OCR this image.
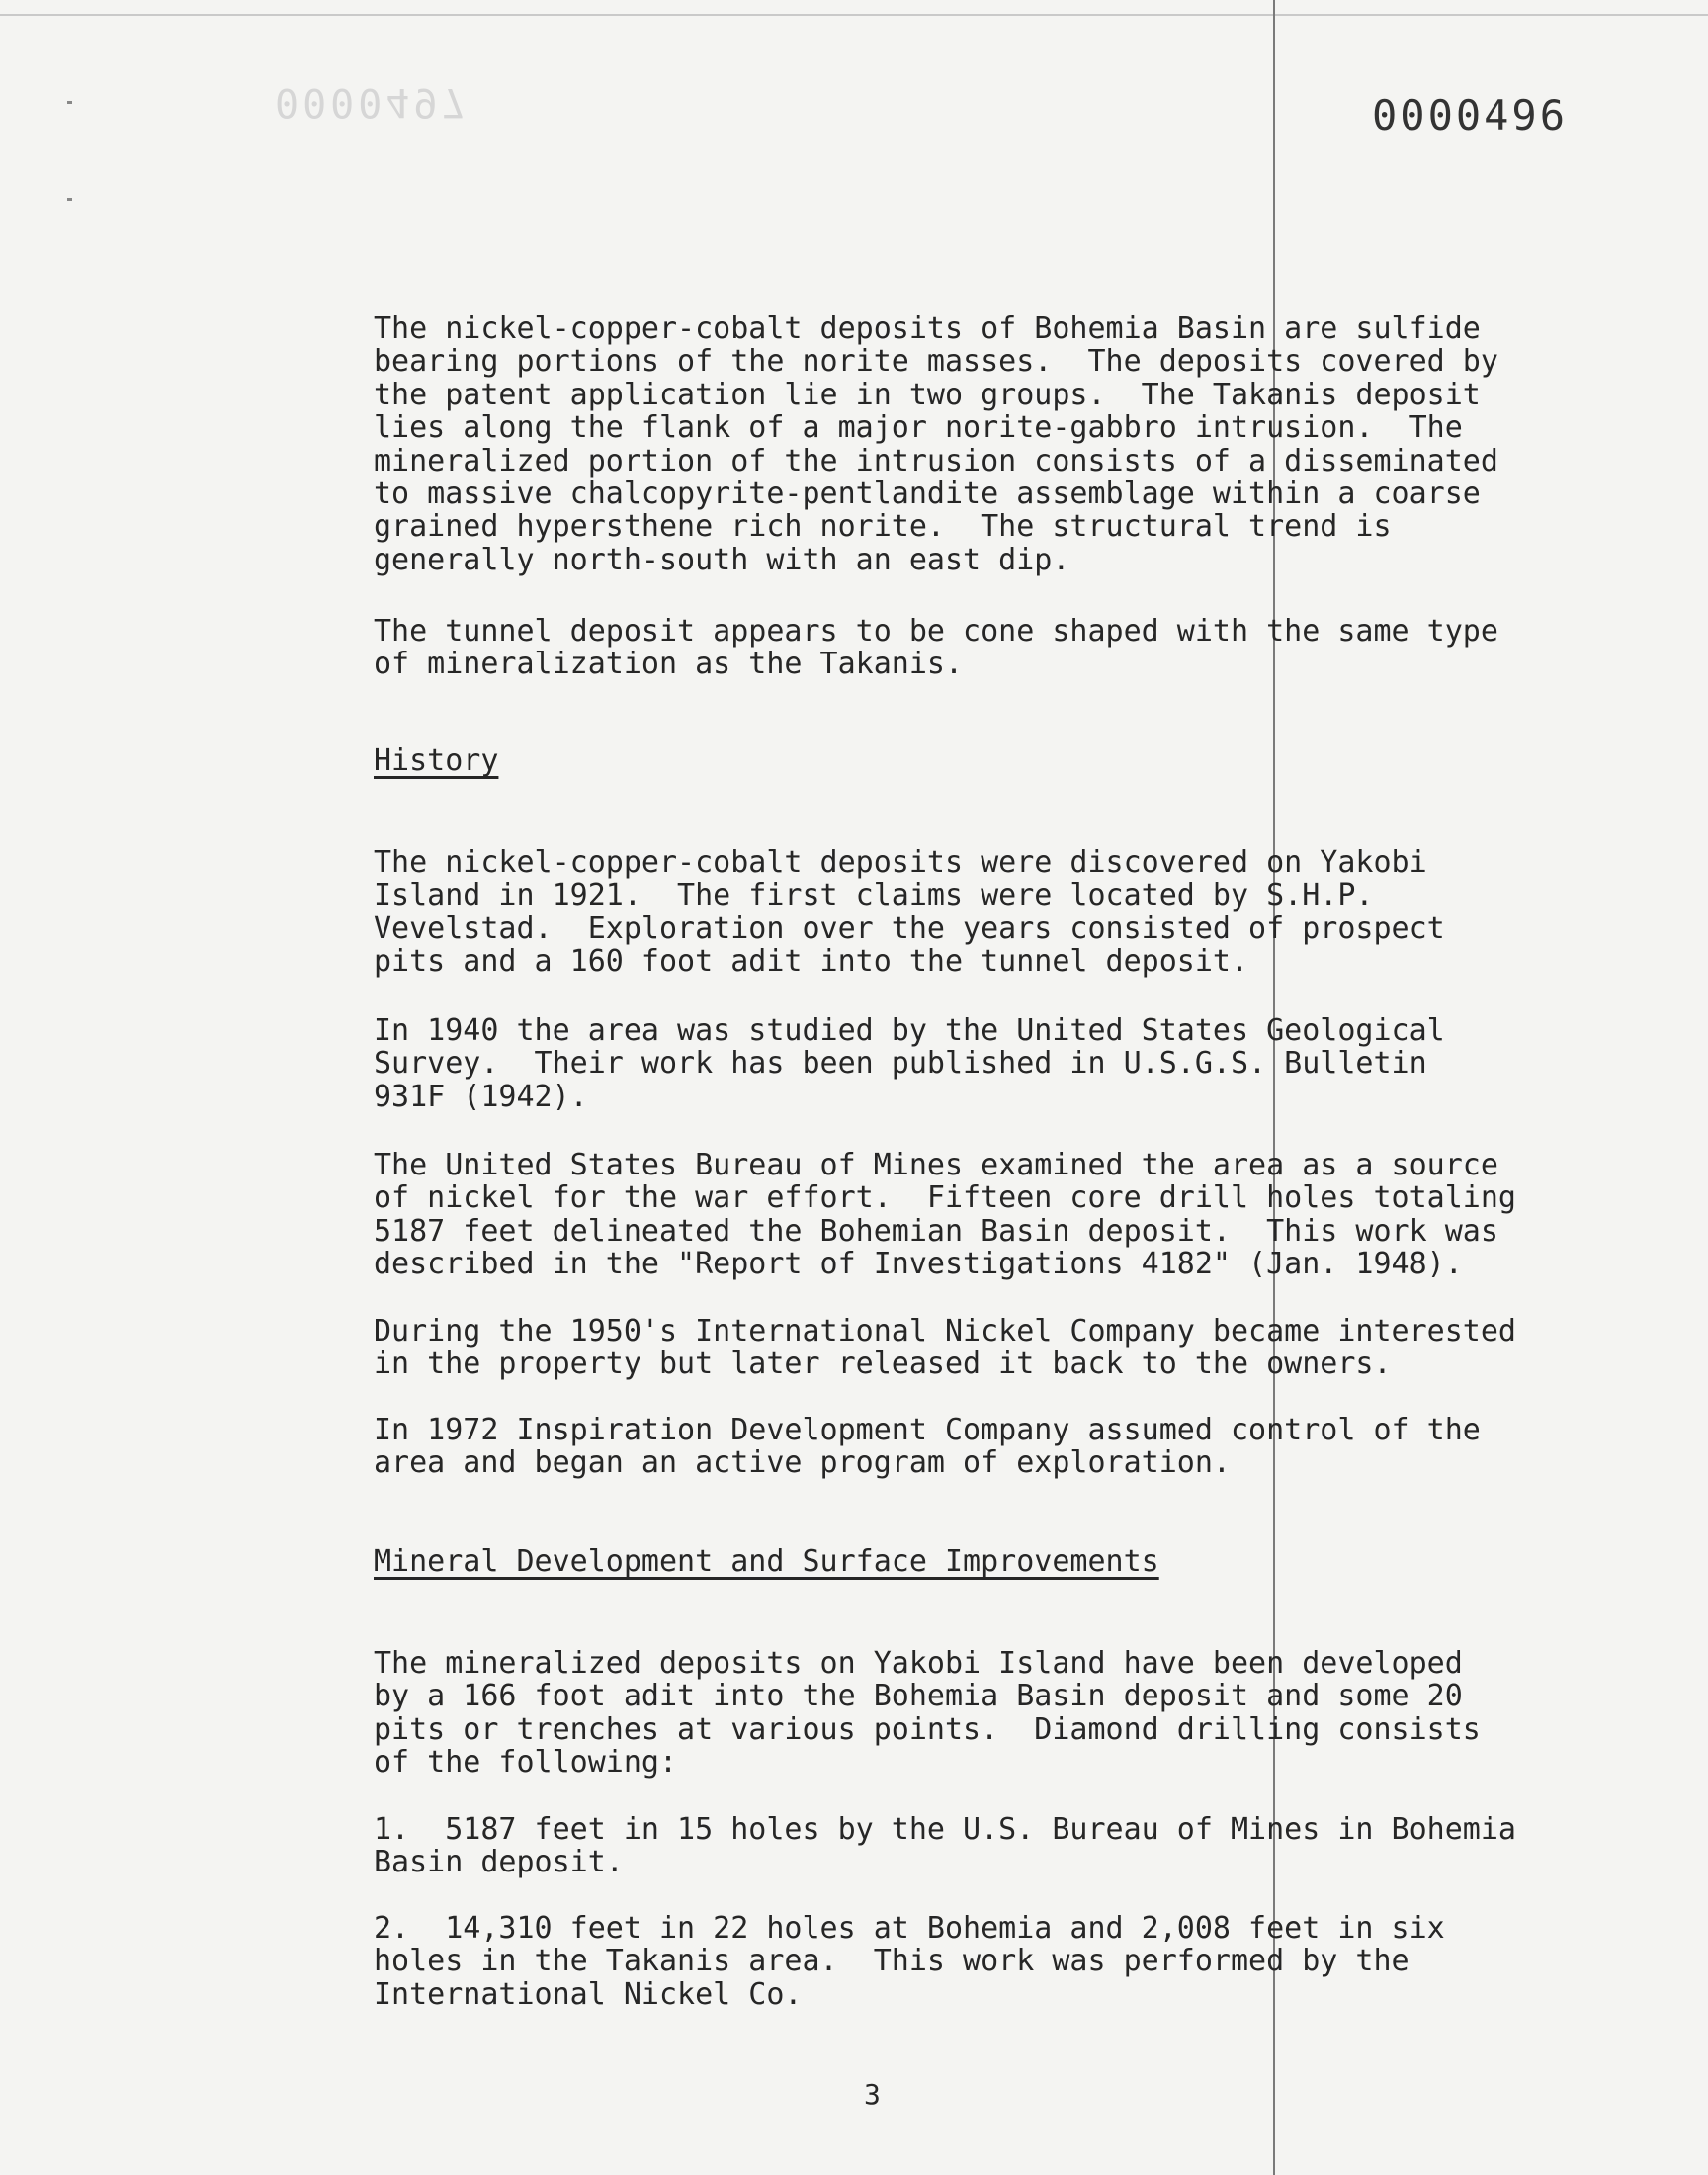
0000497	0000496
The nickel-copper-cobalt deposits of Bohemia Basin are sulfide
bearing portions of the norite masses.  The deposits covered by
the patent application lie in two groups.  The Takanis deposit
lies along the flank of a major norite-gabbro intrusion.  The
mineralized portion of the intrusion consists of a disseminated
to massive chalcopyrite-pentlandite assemblage within a coarse
grained hypersthene rich norite.  The structural trend is
generally north-south with an east dip.
The tunnel deposit appears to be cone shaped with the same type
of mineralization as the Takanis.
History
The nickel-copper-cobalt deposits were discovered on Yakobi
Island in 1921.  The first claims were located by S.H.P.
Vevelstad.  Exploration over the years consisted of prospect
pits and a 160 foot adit into the tunnel deposit.
In 1940 the area was studied by the United States Geological
Survey.  Their work has been published in U.S.G.S. Bulletin
931F (1942).
The United States Bureau of Mines examined the area as a source
of nickel for the war effort.  Fifteen core drill holes totaling
5187 feet delineated the Bohemian Basin deposit.  This work was
described in the "Report of Investigations 4182" (Jan. 1948).
During the 1950's International Nickel Company became interested
in the property but later released it back to the owners.
In 1972 Inspiration Development Company assumed control of the
area and began an active program of exploration.
Mineral Development and Surface Improvements
The mineralized deposits on Yakobi Island have been developed
by a 166 foot adit into the Bohemia Basin deposit and some 20
pits or trenches at various points.  Diamond drilling consists
of the following:
1.  5187 feet in 15 holes by the U.S. Bureau of Mines in Bohemia
Basin deposit.
2.  14,310 feet in 22 holes at Bohemia and 2,008 feet in six
holes in the Takanis area.  This work was performed by the
International Nickel Co.
3
